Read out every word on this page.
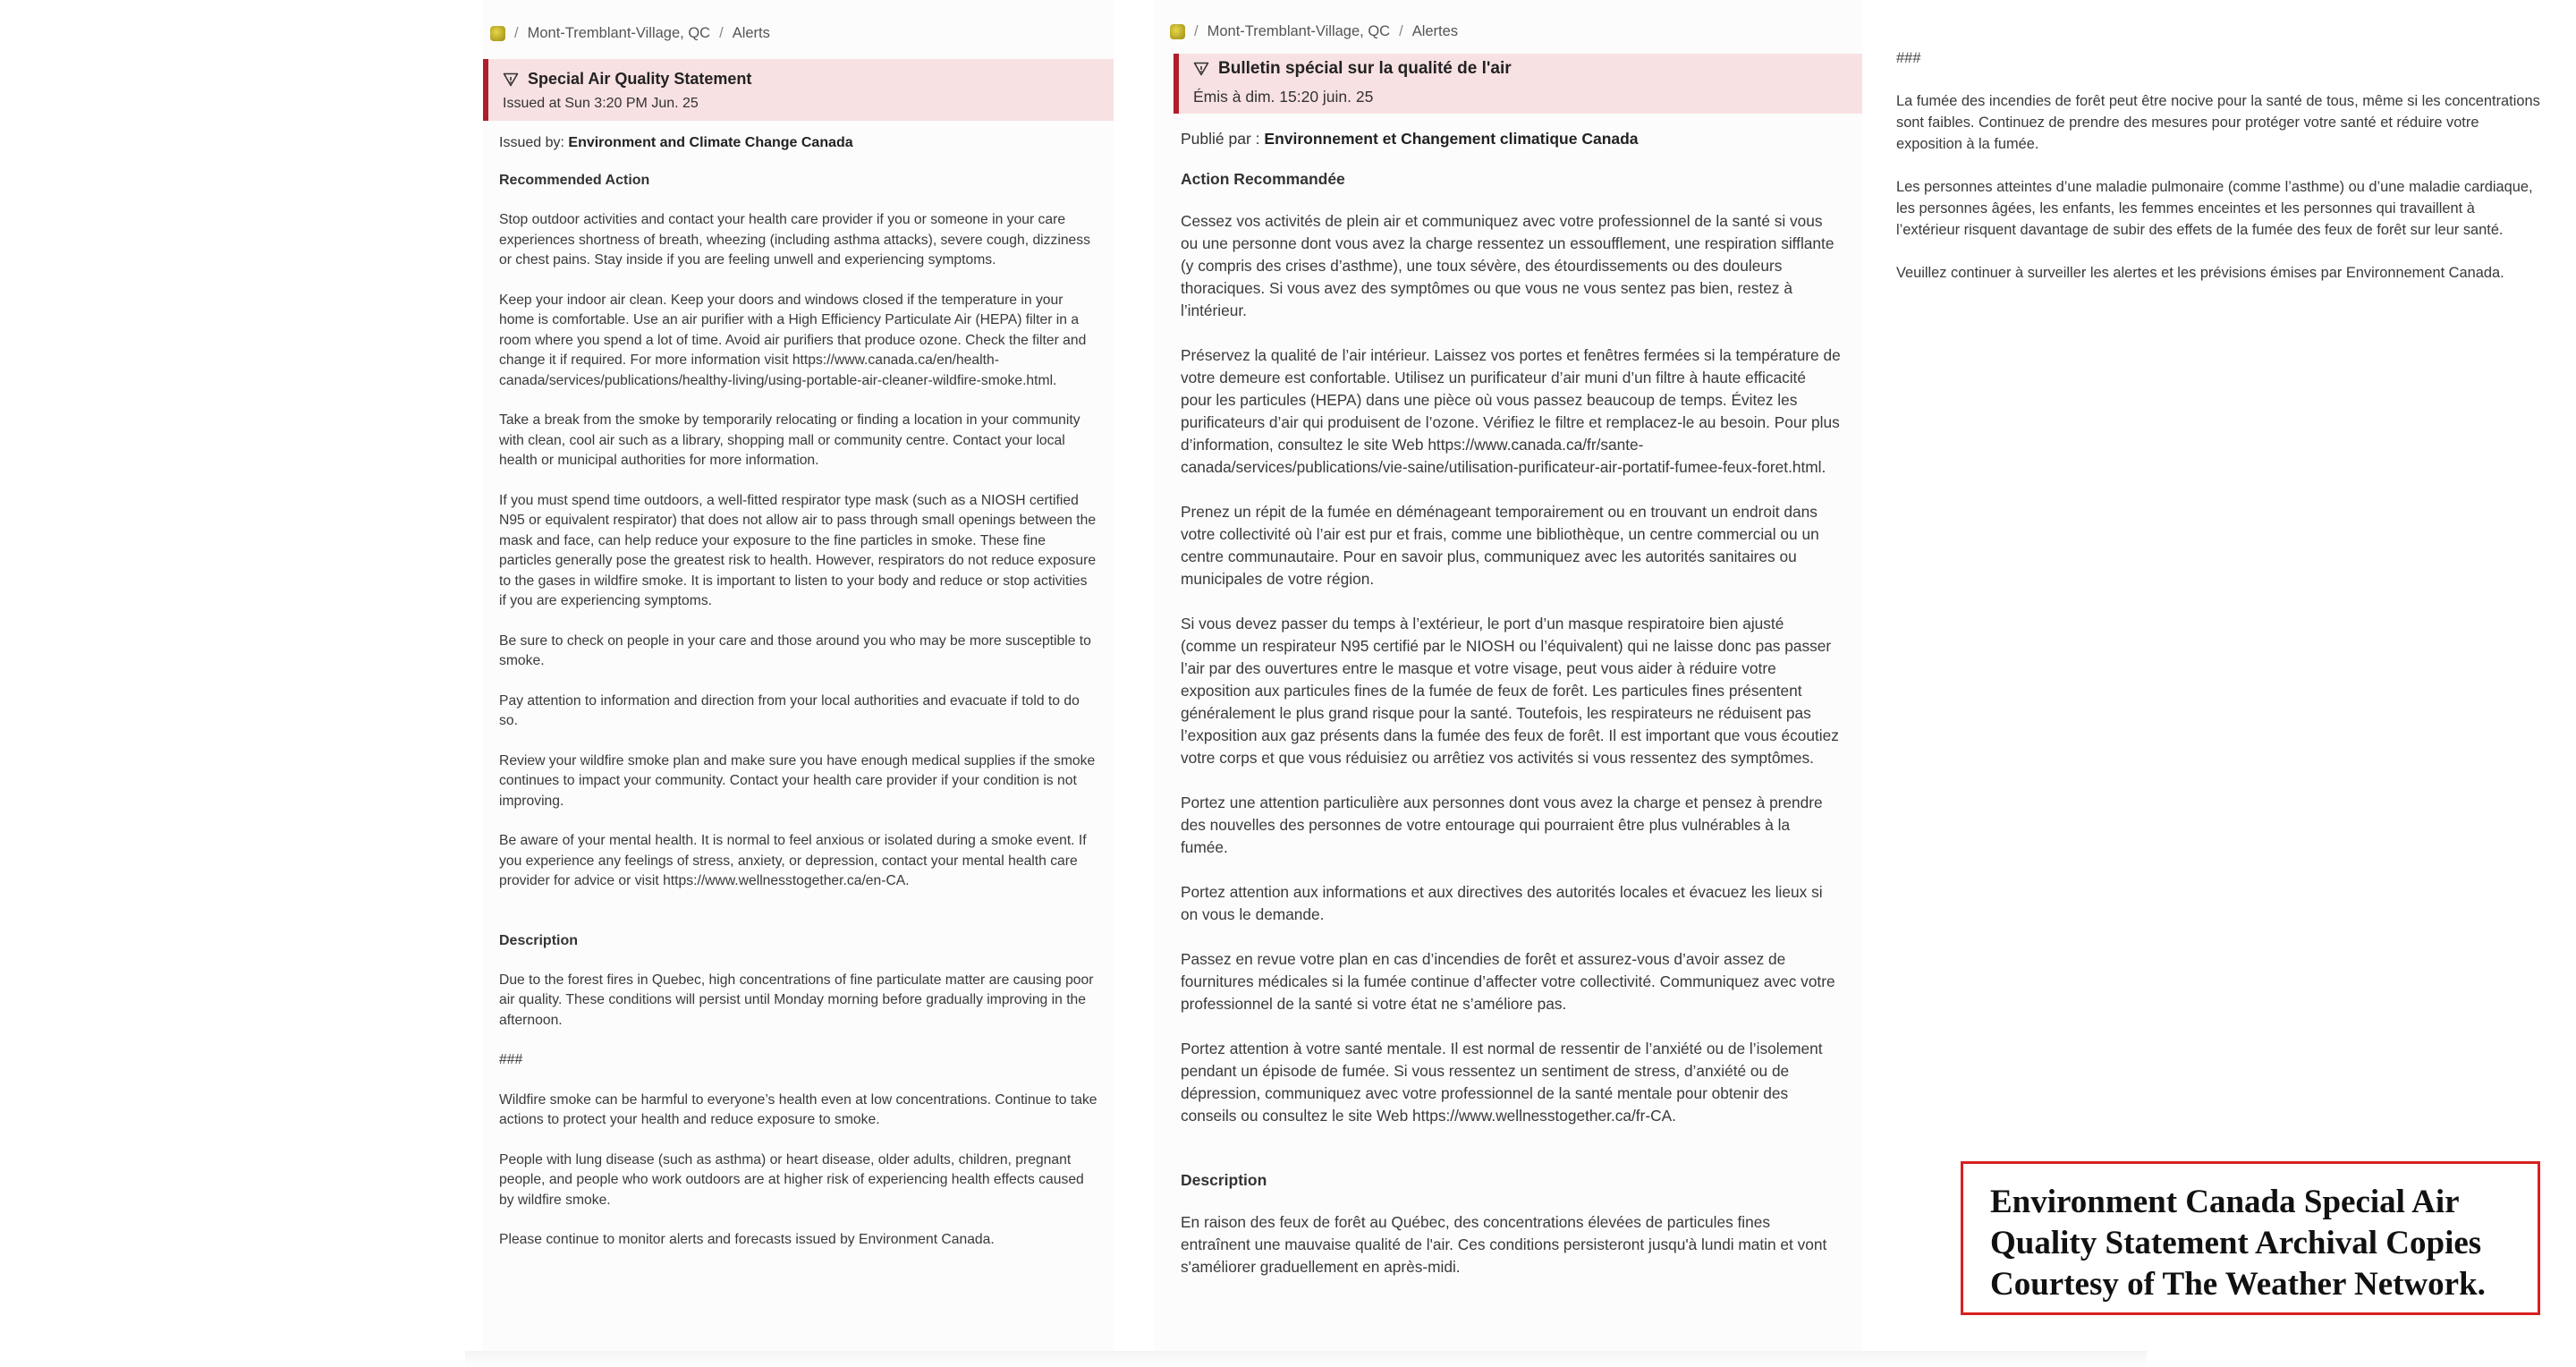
/ Mont-Tremblant-Village, QC / Alerts
Special Air Quality Statement
Issued at Sun 3:20 PM Jun. 25
Issued by: Environment and Climate Change Canada
Recommended Action

Stop outdoor activities and contact your health care provider if you or someone in your care experiences shortness of breath, wheezing (including asthma attacks), severe cough, dizziness or chest pains. Stay inside if you are feeling unwell and experiencing symptoms.

Keep your indoor air clean. Keep your doors and windows closed if the temperature in your home is comfortable. Use an air purifier with a High Efficiency Particulate Air (HEPA) filter in a room where you spend a lot of time. Avoid air purifiers that produce ozone. Check the filter and change it if required. For more information visit https://www.canada.ca/en/health-canada/services/publications/healthy-living/using-portable-air-cleaner-wildfire-smoke.html.

Take a break from the smoke by temporarily relocating or finding a location in your community with clean, cool air such as a library, shopping mall or community centre. Contact your local health or municipal authorities for more information.

If you must spend time outdoors, a well-fitted respirator type mask (such as a NIOSH certified N95 or equivalent respirator) that does not allow air to pass through small openings between the mask and face, can help reduce your exposure to the fine particles in smoke. These fine particles generally pose the greatest risk to health. However, respirators do not reduce exposure to the gases in wildfire smoke. It is important to listen to your body and reduce or stop activities if you are experiencing symptoms.

Be sure to check on people in your care and those around you who may be more susceptible to smoke.

Pay attention to information and direction from your local authorities and evacuate if told to do so.

Review your wildfire smoke plan and make sure you have enough medical supplies if the smoke continues to impact your community. Contact your health care provider if your condition is not improving.

Be aware of your mental health. It is normal to feel anxious or isolated during a smoke event. If you experience any feelings of stress, anxiety, or depression, contact your mental health care provider for advice or visit https://www.wellnesstogether.ca/en-CA.

Description

Due to the forest fires in Quebec, high concentrations of fine particulate matter are causing poor air quality. These conditions will persist until Monday morning before gradually improving in the afternoon.

###

Wildfire smoke can be harmful to everyone’s health even at low concentrations. Continue to take actions to protect your health and reduce exposure to smoke.

People with lung disease (such as asthma) or heart disease, older adults, children, pregnant people, and people who work outdoors are at higher risk of experiencing health effects caused by wildfire smoke.

Please continue to monitor alerts and forecasts issued by Environment Canada.

/ Mont-Tremblant-Village, QC / Alertes
Bulletin spécial sur la qualité de l'air
Émis à dim. 15:20 juin. 25
Publié par : Environnement et Changement climatique Canada
Action Recommandée

Cessez vos activités de plein air et communiquez avec votre professionnel de la santé si vous ou une personne dont vous avez la charge ressentez un essoufflement, une respiration sifflante (y compris des crises d’asthme), une toux sévère, des étourdissements ou des douleurs thoraciques. Si vous avez des symptômes ou que vous ne vous sentez pas bien, restez à l’intérieur.

Préservez la qualité de l’air intérieur. Laissez vos portes et fenêtres fermées si la température de votre demeure est confortable. Utilisez un purificateur d’air muni d’un filtre à haute efficacité pour les particules (HEPA) dans une pièce où vous passez beaucoup de temps. Évitez les purificateurs d’air qui produisent de l’ozone. Vérifiez le filtre et remplacez-le au besoin. Pour plus d’information, consultez le site Web https://www.canada.ca/fr/sante-canada/services/publications/vie-saine/utilisation-purificateur-air-portatif-fumee-feux-foret.html.

Prenez un répit de la fumée en déménageant temporairement ou en trouvant un endroit dans votre collectivité où l’air est pur et frais, comme une bibliothèque, un centre commercial ou un centre communautaire. Pour en savoir plus, communiquez avec les autorités sanitaires ou municipales de votre région.

Si vous devez passer du temps à l’extérieur, le port d’un masque respiratoire bien ajusté (comme un respirateur N95 certifié par le NIOSH ou l’équivalent) qui ne laisse donc pas passer l’air par des ouvertures entre le masque et votre visage, peut vous aider à réduire votre exposition aux particules fines de la fumée de feux de forêt. Les particules fines présentent généralement le plus grand risque pour la santé. Toutefois, les respirateurs ne réduisent pas l’exposition aux gaz présents dans la fumée des feux de forêt. Il est important que vous écoutiez votre corps et que vous réduisiez ou arrêtiez vos activités si vous ressentez des symptômes.

Portez une attention particulière aux personnes dont vous avez la charge et pensez à prendre des nouvelles des personnes de votre entourage qui pourraient être plus vulnérables à la fumée.

Portez attention aux informations et aux directives des autorités locales et évacuez les lieux si on vous le demande.

Passez en revue votre plan en cas d’incendies de forêt et assurez-vous d’avoir assez de fournitures médicales si la fumée continue d’affecter votre collectivité. Communiquez avec votre professionnel de la santé si votre état ne s’améliore pas.

Portez attention à votre santé mentale. Il est normal de ressentir de l’anxiété ou de l’isolement pendant un épisode de fumée. Si vous ressentez un sentiment de stress, d’anxiété ou de dépression, communiquez avec votre professionnel de la santé mentale pour obtenir des conseils ou consultez le site Web https://www.wellnesstogether.ca/fr-CA.

Description

En raison des feux de forêt au Québec, des concentrations élevées de particules fines entraînent une mauvaise qualité de l'air. Ces conditions persisteront jusqu'à lundi matin et vont s'améliorer graduellement en après-midi.

###

La fumée des incendies de forêt peut être nocive pour la santé de tous, même si les concentrations sont faibles. Continuez de prendre des mesures pour protéger votre santé et réduire votre exposition à la fumée.

Les personnes atteintes d’une maladie pulmonaire (comme l’asthme) ou d’une maladie cardiaque, les personnes âgées, les enfants, les femmes enceintes et les personnes qui travaillent à l’extérieur risquent davantage de subir des effets de la fumée des feux de forêt sur leur santé.

Veuillez continuer à surveiller les alertes et les prévisions émises par Environnement Canada.

Environment Canada Special Air
Quality Statement Archival Copies
Courtesy of The Weather Network.
